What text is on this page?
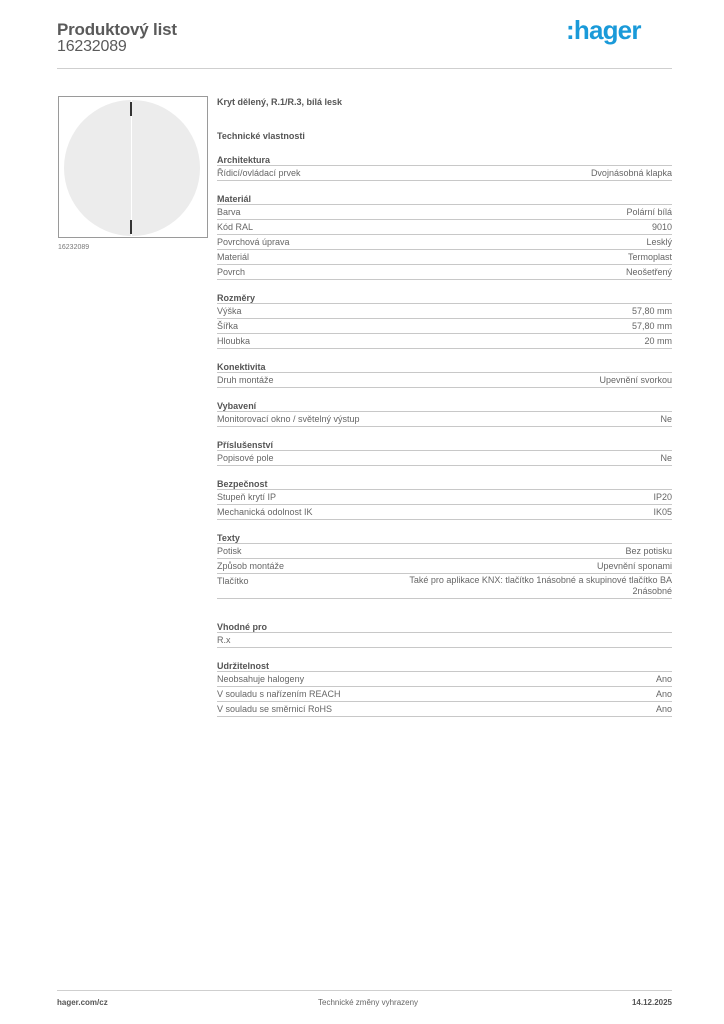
Produktový list
16232089
:hager
16232089
Kryt dělený, R.1/R.3, bílá lesk
Technické vlastnosti
Architektura
Řídicí/ovládací prvek	Dvojnásobná klapka
Materiál
Barva	Polární bílá
Kód RAL	9010
Povrchová úprava	Lesklý
Materiál	Termoplast
Povrch	Neošetřený
Rozměry
Výška	57,80 mm
Šířka	57,80 mm
Hloubka	20 mm
Konektivita
Druh montáže	Upevnění svorkou
Vybavení
Monitorovací okno / světelný výstup	Ne
Příslušenství
Popisové pole	Ne
Bezpečnost
Stupeň krytí IP	IP20
Mechanická odolnost IK	IK05
Texty
Potisk	Bez potisku
Způsob montáže	Upevnění sponami
Tlačítko	Také pro aplikace KNX: tlačítko 1násobné a skupinové tlačítko BA 2násobné
Vhodné pro
R.x
Udržitelnost
Neobsahuje halogeny	Ano
V souladu s nařízením REACH	Ano
V souladu se směrnicí RoHS	Ano
hager.com/cz	Technické změny vyhrazeny	14.12.2025
